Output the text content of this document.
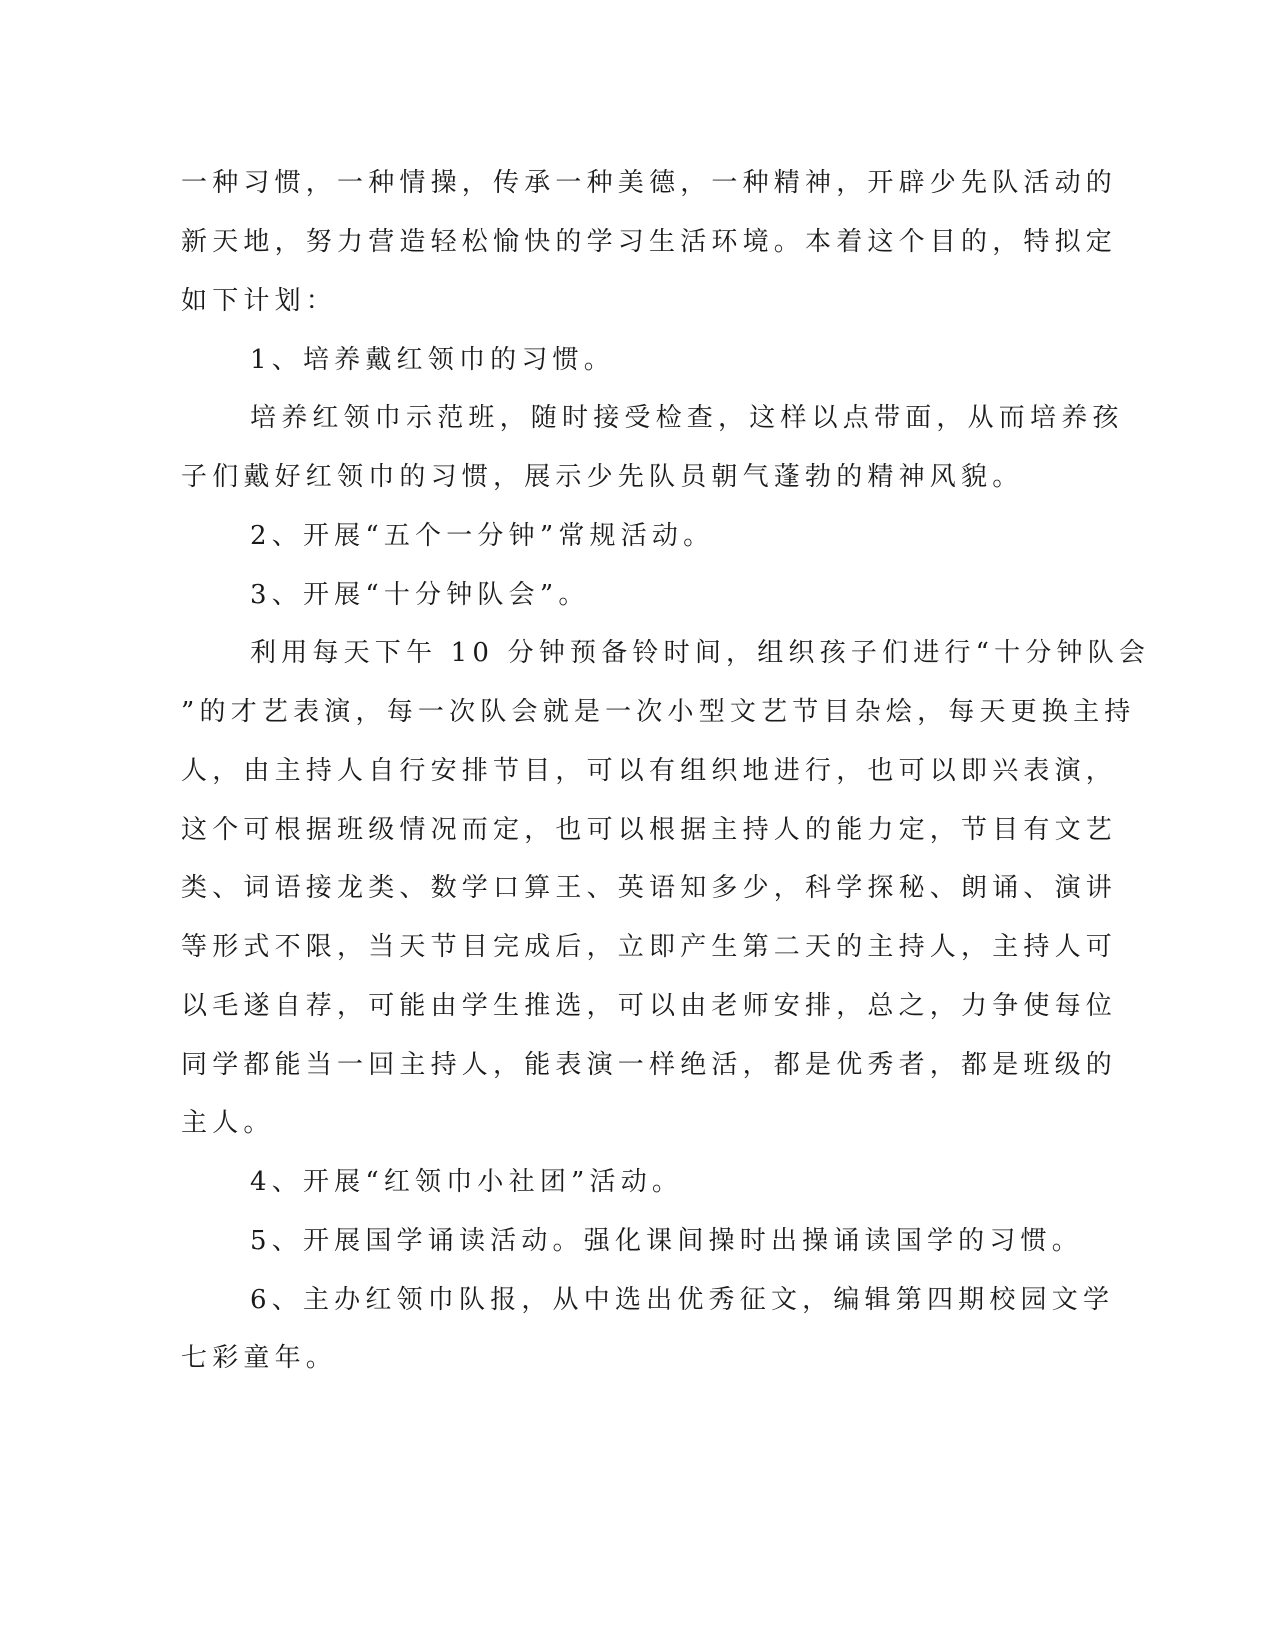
一种习惯，一种情操，传承一种美德，一种精神，开辟少先队活动的
新天地，努力营造轻松愉快的学习生活环境。本着这个目的，特拟定
如下计划：
1、培养戴红领巾的习惯。
培养红领巾示范班，随时接受检查，这样以点带面，从而培养孩
子们戴好红领巾的习惯，展示少先队员朝气蓬勃的精神风貌。
2、开展“五个一分钟”常规活动。
3、开展“十分钟队会”。
利用每天下午 10 分钟预备铃时间，组织孩子们进行“十分钟队会
”的才艺表演，每一次队会就是一次小型文艺节目杂烩，每天更换主持
人，由主持人自行安排节目，可以有组织地进行，也可以即兴表演，
这个可根据班级情况而定，也可以根据主持人的能力定，节目有文艺
类、词语接龙类、数学口算王、英语知多少，科学探秘、朗诵、演讲
等形式不限，当天节目完成后，立即产生第二天的主持人，主持人可
以毛遂自荐，可能由学生推选，可以由老师安排，总之，力争使每位
同学都能当一回主持人，能表演一样绝活，都是优秀者，都是班级的
主人。
4、开展“红领巾小社团”活动。
5、开展国学诵读活动。强化课间操时出操诵读国学的习惯。
6、主办红领巾队报，从中选出优秀征文，编辑第四期校园文学
七彩童年。
